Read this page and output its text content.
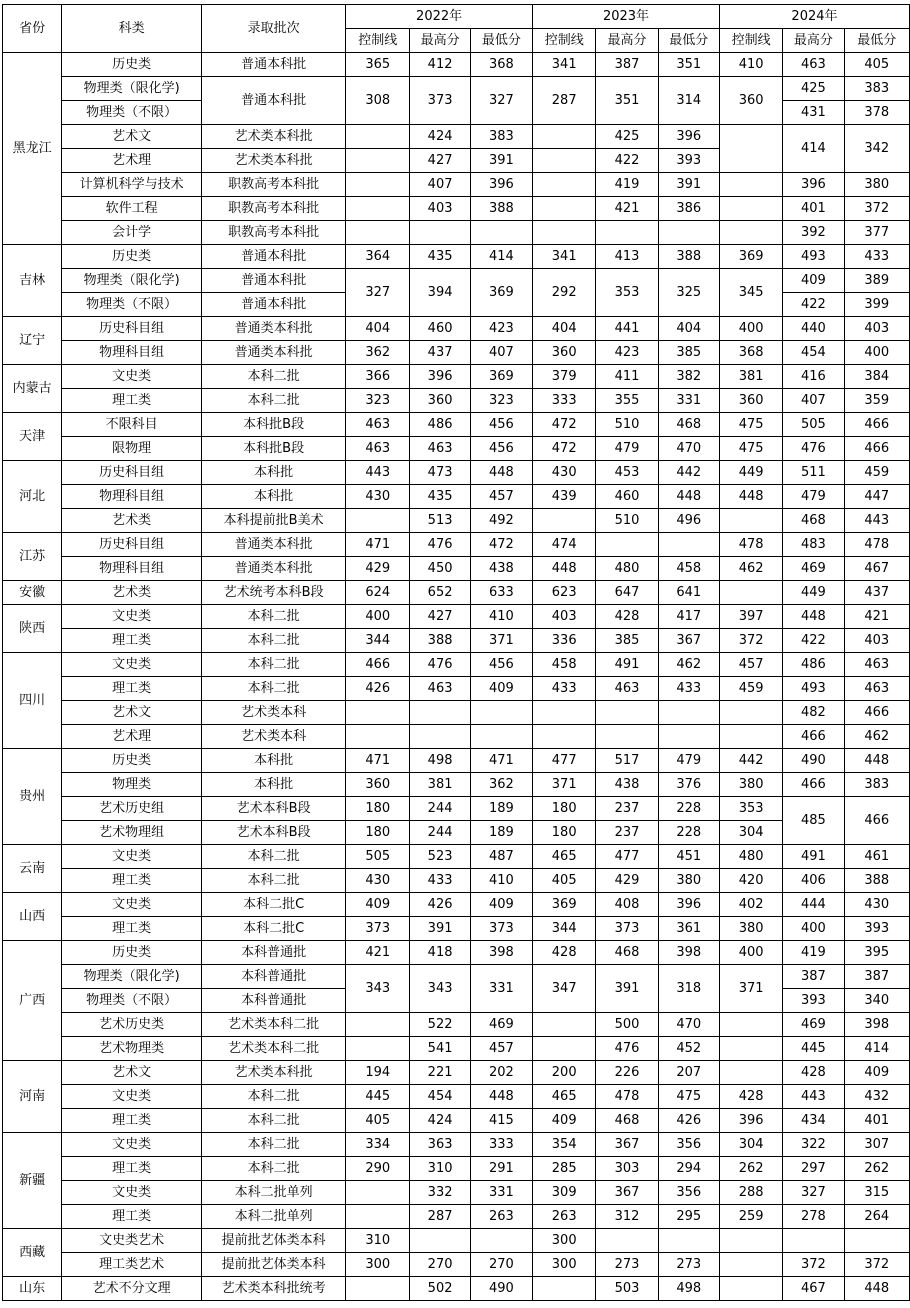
省份	科类	录取批次	2022年			2023年			2024年		
			控制线	最高分	最低分	控制线	最高分	最低分	控制线	最高分	最低分
黑龙江	历史类	普通本科批	365	412	368	341	387	351	410	463	405
	物理类（限化学)	普通本科批	308	373	327	287	351	314	360	425	383
	物理类（不限）									431	378
	艺术文	艺术类本科批		424	383		425	396		414	342
	艺术理	艺术类本科批		427	391		422	393			
	计算机科学与技术	职教高考本科批		407	396		419	391		396	380
	软件工程	职教高考本科批		403	388		421	386		401	372
	会计学	职教高考本科批								392	377
吉林	历史类	普通本科批	364	435	414	341	413	388	369	493	433
	物理类（限化学)	普通本科批	327	394	369	292	353	325	345	409	389
	物理类（不限）	普通本科批								422	399
辽宁	历史科目组	普通类本科批	404	460	423	404	441	404	400	440	403
	物理科目组	普通类本科批	362	437	407	360	423	385	368	454	400
内蒙古	文史类	本科二批	366	396	369	379	411	382	381	416	384
	理工类	本科二批	323	360	323	333	355	331	360	407	359
天津	不限科目	本科批B段	463	486	456	472	510	468	475	505	466
	限物理	本科批B段	463	463	456	472	479	470	475	476	466
河北	历史科目组	本科批	443	473	448	430	453	442	449	511	459
	物理科目组	本科批	430	435	457	439	460	448	448	479	447
	艺术类	本科提前批B美术		513	492		510	496		468	443
江苏	历史科目组	普通类本科批	471	476	472	474			478	483	478
	物理科目组	普通类本科批	429	450	438	448	480	458	462	469	467
安徽	艺术类	艺术统考本科B段	624	652	633	623	647	641		449	437
陕西	文史类	本科二批	400	427	410	403	428	417	397	448	421
	理工类	本科二批	344	388	371	336	385	367	372	422	403
四川	文史类	本科二批	466	476	456	458	491	462	457	486	463
	理工类	本科二批	426	463	409	433	463	433	459	493	463
	艺术文	艺术类本科								482	466
	艺术理	艺术类本科								466	462
贵州	历史类	本科批	471	498	471	477	517	479	442	490	448
	物理类	本科批	360	381	362	371	438	376	380	466	383
	艺术历史组	艺术本科B段	180	244	189	180	237	228	353	485	466
	艺术物理组	艺术本科B段	180	244	189	180	237	228	304		
云南	文史类	本科二批	505	523	487	465	477	451	480	491	461
	理工类	本科二批	430	433	410	405	429	380	420	406	388
山西	文史类	本科二批C	409	426	409	369	408	396	402	444	430
	理工类	本科二批C	373	391	373	344	373	361	380	400	393
广西	历史类	本科普通批	421	418	398	428	468	398	400	419	395
	物理类（限化学)	本科普通批	343	343	331	347	391	318	371	387	387
	物理类（不限）	本科普通批								393	340
	艺术历史类	艺术类本科二批		522	469		500	470		469	398
	艺术物理类	艺术类本科二批		541	457		476	452		445	414
河南	艺术文	艺术类本科批	194	221	202	200	226	207		428	409
	文史类	本科二批	445	454	448	465	478	475	428	443	432
	理工类	本科二批	405	424	415	409	468	426	396	434	401
新疆	文史类	本科二批	334	363	333	354	367	356	304	322	307
	理工类	本科二批	290	310	291	285	303	294	262	297	262
	文史类	本科二批单列		332	331	309	367	356	288	327	315
	理工类	本科二批单列		287	263	263	312	295	259	278	264
西藏	文史类艺术	提前批艺体类本科	310			300					
	理工类艺术	提前批艺体类本科	300	270	270	300	273	273		372	372
山东	艺术不分文理	艺术类本科批统考		502	490		503	498		467	448
